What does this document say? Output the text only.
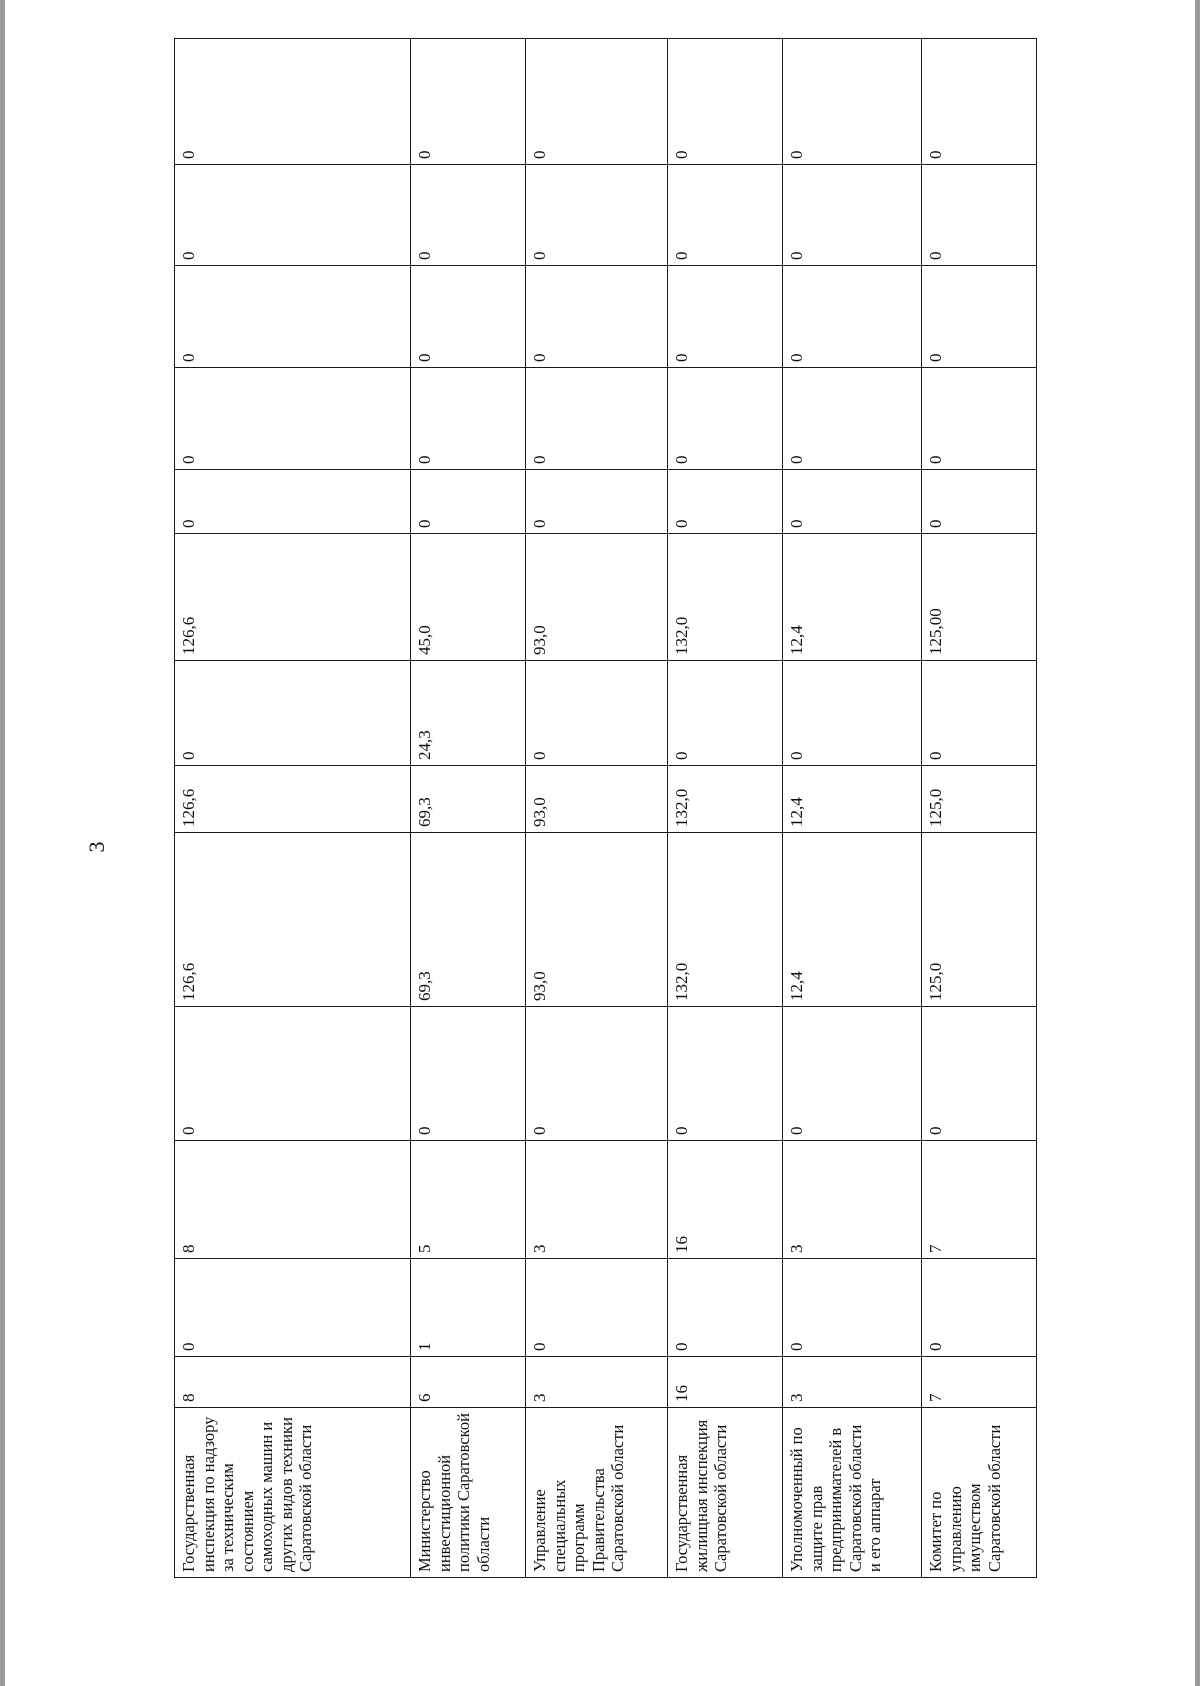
3
Государственная инспекция по надзору за техническим состоянием самоходных машин и других видов техники Саратовской области	8	0	8	0	126,6	126,6	0	126,6	0	0	0	0	0
Министерство инвестиционной политики Саратовской области	6	1	5	0	69,3	69,3	24,3	45,0	0	0	0	0	0
Управление специальных программ Правительства Саратовской области	3	0	3	0	93,0	93,0	0	93,0	0	0	0	0	0
Государственная жилищная инспекция Саратовской области	16	0	16	0	132,0	132,0	0	132,0	0	0	0	0	0
Уполномоченный по защите прав предпринимателей в Саратовской области и его аппарат	3	0	3	0	12,4	12,4	0	12,4	0	0	0	0	0
Комитет по управлению имуществом Саратовской области	7	0	7	0	125,0	125,0	0	125,00	0	0	0	0	0
